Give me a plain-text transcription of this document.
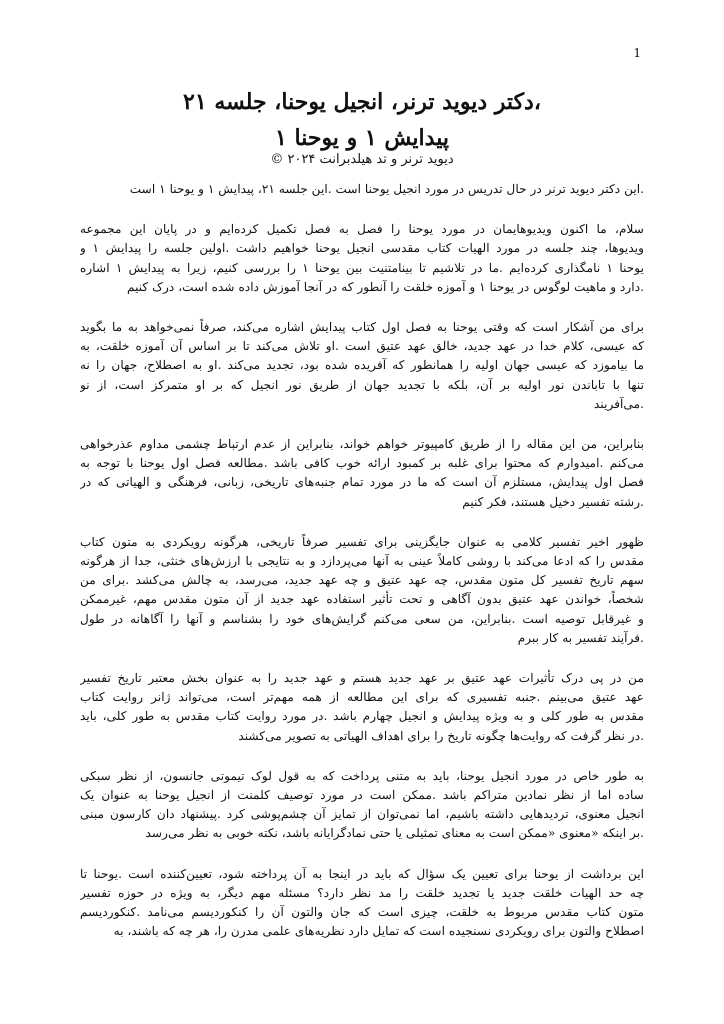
1
،دکتر دیوید ترنر، انجیل یوحنا، جلسه ۲۱
پیدایش ۱ و یوحنا ۱
دیوید ترنر و تد هیلدبرانت ۲۰۲۴ ©
.این دکتر دیوید ترنر در حال تدریس در مورد انجیل یوحنا است .این جلسه ۲۱، پیدایش ۱ و یوحنا ۱ است
سلام، ما اکنون ویدیوهایمان در مورد یوحنا را فصل به فصل تکمیل کرده‌ایم و در پایان این مجموعه
ویدیوها، چند جلسه در مورد الهیات کتاب مقدسی انجیل یوحنا خواهیم داشت .اولین جلسه را پیدایش ۱ و
یوحنا ۱ نامگذاری کرده‌ایم .ما در تلاشیم تا بینامتنیت بین یوحنا ۱ را بررسی کنیم، زیرا به پیدایش ۱ اشاره
.دارد و ماهیت لوگوس در یوحنا ۱ و آموزه خلقت را آنطور که در آنجا آموزش داده شده است، درک کنیم
برای من آشکار است که وقتی یوحنا به فصل اول کتاب پیدایش اشاره می‌کند، صرفاً نمی‌خواهد به ما بگوید
که عیسی، کلام خدا در عهد جدید، خالق عهد عتیق است .او تلاش می‌کند تا بر اساس آن آموزه خلقت، به
ما بیاموزد که عیسی جهان اولیه را همانطور که آفریده شده بود، تجدید می‌کند .او به اصطلاح، جهان را نه
تنها با تاباندن نور اولیه بر آن، بلکه با تجدید جهان از طریق نور انجیل که بر او متمرکز است، از نو
.می‌آفریند
بنابراین، من این مقاله را از طریق کامپیوتر خواهم خواند، بنابراین از عدم ارتباط چشمی مداوم عذرخواهی
می‌کنم .امیدوارم که محتوا برای غلبه بر کمبود ارائه خوب کافی باشد .مطالعه فصل اول یوحنا با توجه به
فصل اول پیدایش، مستلزم آن است که ما در مورد تمام جنبه‌های تاریخی، زبانی، فرهنگی و الهیاتی که در
.رشته تفسیر دخیل هستند، فکر کنیم
ظهور اخیر تفسیر کلامی به عنوان جایگزینی برای تفسیر صرفاً تاریخی، هرگونه رویکردی به متون کتاب
مقدس را که ادعا می‌کند با روشی کاملاً عینی به آنها می‌پردازد و به نتایجی با ارزش‌های خنثی، جدا از هرگونه
سهم تاریخ تفسیر کل متون مقدس، چه عهد عتیق و چه عهد جدید، می‌رسد، به چالش می‌کشد .برای من
شخصاً، خواندن عهد عتیق بدون آگاهی و تحت تأثیر استفاده عهد جدید از آن متون مقدس مهم، غیرممکن
و غیرقابل توصیه است .بنابراین، من سعی می‌کنم گرایش‌های خود را بشناسم و آنها را آگاهانه در طول
.فرآیند تفسیر به کار ببرم
من در پی درک تأثیرات عهد عتیق بر عهد جدید هستم و عهد جدید را به عنوان بخش معتبر تاریخ تفسیر
عهد عتیق می‌بینم .جنبه تفسیری که برای این مطالعه از همه مهم‌تر است، می‌تواند ژانر روایت کتاب
مقدس به طور کلی و به ویژه پیدایش و انجیل چهارم باشد .در مورد روایت کتاب مقدس به طور کلی، باید
.در نظر گرفت که روایت‌ها چگونه تاریخ را برای اهداف الهیاتی به تصویر می‌کشند
به طور خاص در مورد انجیل یوحنا، باید به متنی پرداخت که به قول لوک تیموتی جانسون، از نظر سبکی
ساده اما از نظر نمادین متراکم باشد .ممکن است در مورد توصیف کلمنت از انجیل یوحنا به عنوان یک
انجیل معنوی، تردیدهایی داشته باشیم، اما نمی‌توان از تمایز آن چشم‌پوشی کرد .پیشنهاد دان کارسون مبنی
.بر اینکه «معنوی «ممکن است به معنای تمثیلی یا حتی نمادگرایانه باشد، نکته خوبی به نظر می‌رسد
این برداشت از یوحنا برای تعیین یک سؤال که باید در اینجا به آن پرداخته شود، تعیین‌کننده است .یوحنا تا
چه حد الهیات خلقت جدید یا تجدید خلقت را مد نظر دارد؟ مسئله مهم دیگر، به ویژه در حوزه تفسیر
متون کتاب مقدس مربوط به خلقت، چیزی است که جان والتون آن را کنکوردیسم می‌نامد .کنکوردیسم
اصطلاح والتون برای رویکردی نسنجیده است که تمایل دارد نظریه‌های علمی مدرن را، هر چه که باشند، به
